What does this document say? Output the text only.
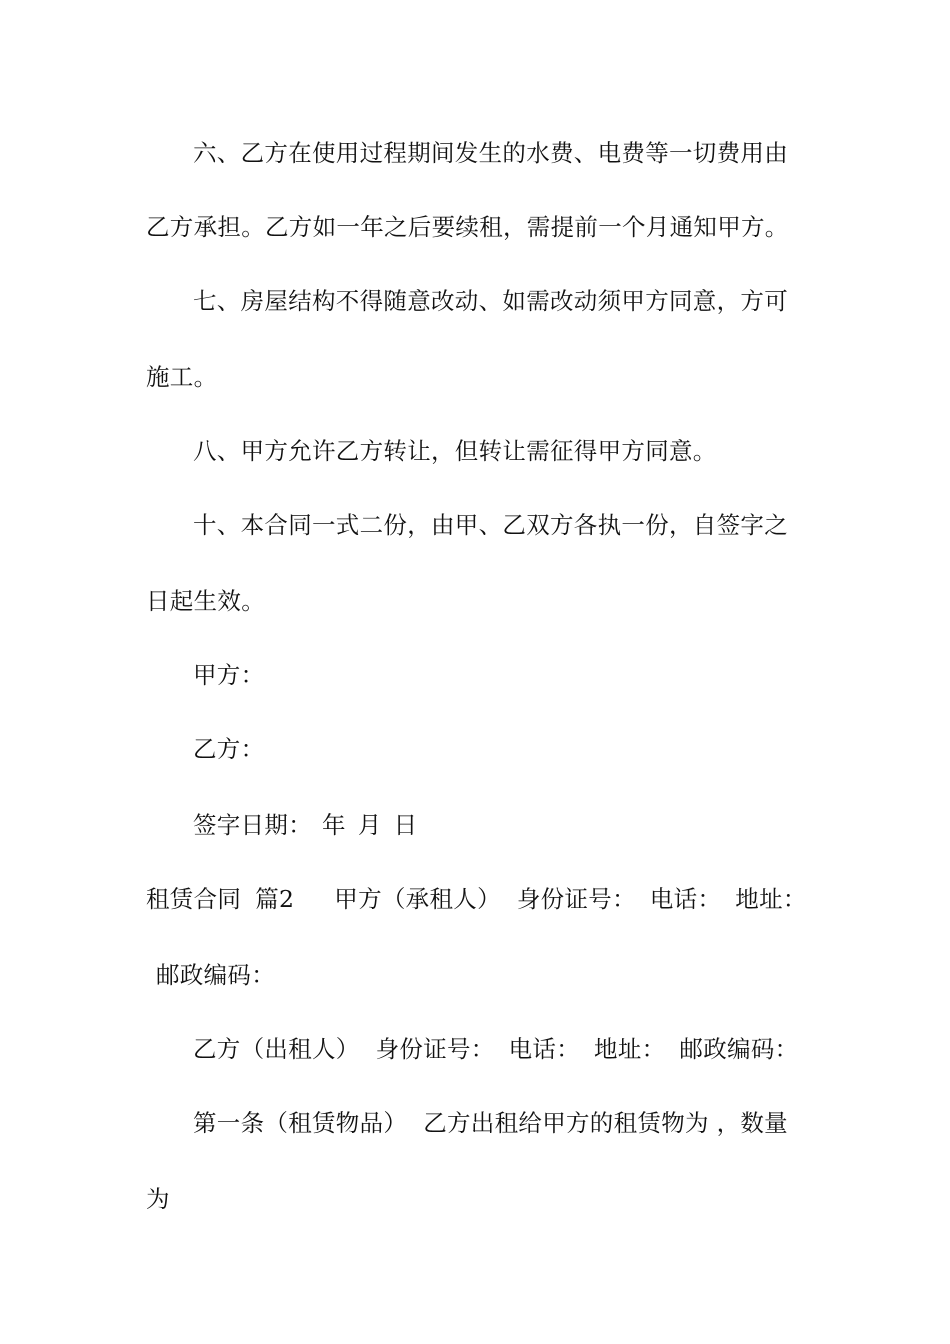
六、乙方在使用过程期间发生的水费、电费等一切费用由
乙方承担。乙方如一年之后要续租，需提前一个月通知甲方。
七、房屋结构不得随意改动、如需改动须甲方同意，方可
施工。
八、甲方允许乙方转让，但转让需征得甲方同意。
十、本合同一式二份，由甲、乙双方各执一份，自签字之
日起生效。
甲方：
乙方：
签字日期： 年 月 日
租赁合同 篇2 甲方（承租人） 身份证号： 电话： 地址：
邮政编码：
乙方（出租人） 身份证号： 电话： 地址： 邮政编码：
第一条（租赁物品） 乙方出租给甲方的租赁物为 ，数量
为
